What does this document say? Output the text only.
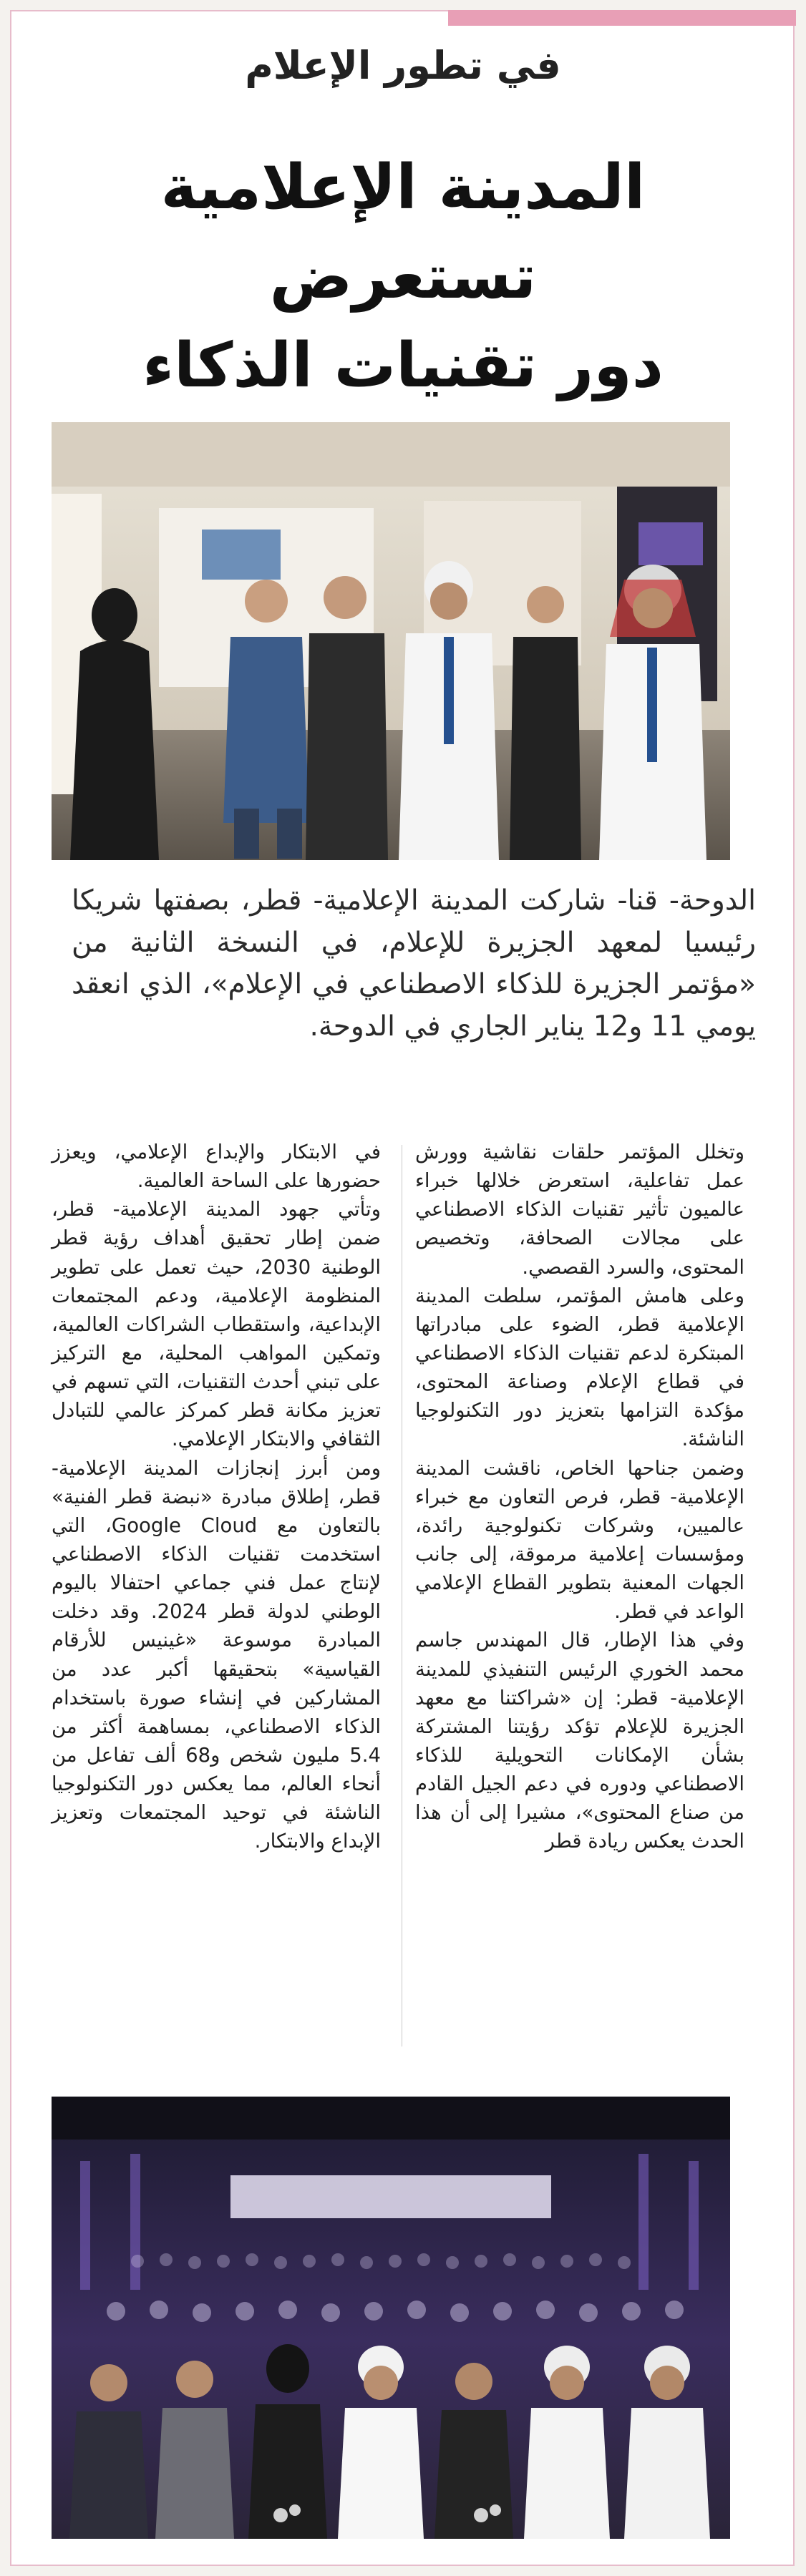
في تطور الإعلام
المدينة الإعلامية تستعرض
دور تقنيات الذكاء
الدوحة- قنا- شاركت المدينة الإعلامية- قطر، بصفتها شريكا رئيسيا لمعهد الجزيرة للإعلام، في النسخة الثانية من «مؤتمر الجزيرة للذكاء الاصطناعي في الإعلام»، الذي انعقد يومي 11 و12 يناير الجاري في الدوحة.

وتخلل المؤتمر حلقات نقاشية وورش عمل تفاعلية، استعرض خلالها خبراء عالميون تأثير تقنيات الذكاء الاصطناعي على مجالات الصحافة، وتخصيص المحتوى، والسرد القصصي.

وعلى هامش المؤتمر، سلطت المدينة الإعلامية قطر، الضوء على مبادراتها المبتكرة لدعم تقنيات الذكاء الاصطناعي في قطاع الإعلام وصناعة المحتوى، مؤكدة التزامها بتعزيز دور التكنولوجيا الناشئة.

وضمن جناحها الخاص، ناقشت المدينة الإعلامية- قطر، فرص التعاون مع خبراء عالميين، وشركات تكنولوجية رائدة، ومؤسسات إعلامية مرموقة، إلى جانب الجهات المعنية بتطوير القطاع الإعلامي الواعد في قطر.

وفي هذا الإطار، قال المهندس جاسم محمد الخوري الرئيس التنفيذي للمدينة الإعلامية- قطر: إن «شراكتنا مع معهد الجزيرة للإعلام تؤكد رؤيتنا المشتركة بشأن الإمكانات التحويلية للذكاء الاصطناعي ودوره في دعم الجيل القادم من صناع المحتوى»، مشيرا إلى أن هذا الحدث يعكس ريادة قطر

في الابتكار والإبداع الإعلامي، ويعزز حضورها على الساحة العالمية.

وتأتي جهود المدينة الإعلامية- قطر، ضمن إطار تحقيق أهداف رؤية قطر الوطنية 2030، حيث تعمل على تطوير المنظومة الإعلامية، ودعم المجتمعات الإبداعية، واستقطاب الشراكات العالمية، وتمكين المواهب المحلية، مع التركيز على تبني أحدث التقنيات، التي تسهم في تعزيز مكانة قطر كمركز عالمي للتبادل الثقافي والابتكار الإعلامي.

ومن أبرز إنجازات المدينة الإعلامية- قطر، إطلاق مبادرة «نبضة قطر الفنية» بالتعاون مع Google Cloud، التي استخدمت تقنيات الذكاء الاصطناعي لإنتاج عمل فني جماعي احتفالا باليوم الوطني لدولة قطر 2024. وقد دخلت المبادرة موسوعة «غينيس للأرقام القياسية» بتحقيقها أكبر عدد من المشاركين في إنشاء صورة باستخدام الذكاء الاصطناعي، بمساهمة أكثر من 5.4 مليون شخص و68 ألف تفاعل من أنحاء العالم، مما يعكس دور التكنولوجيا الناشئة في توحيد المجتمعات وتعزيز الإبداع والابتكار.
